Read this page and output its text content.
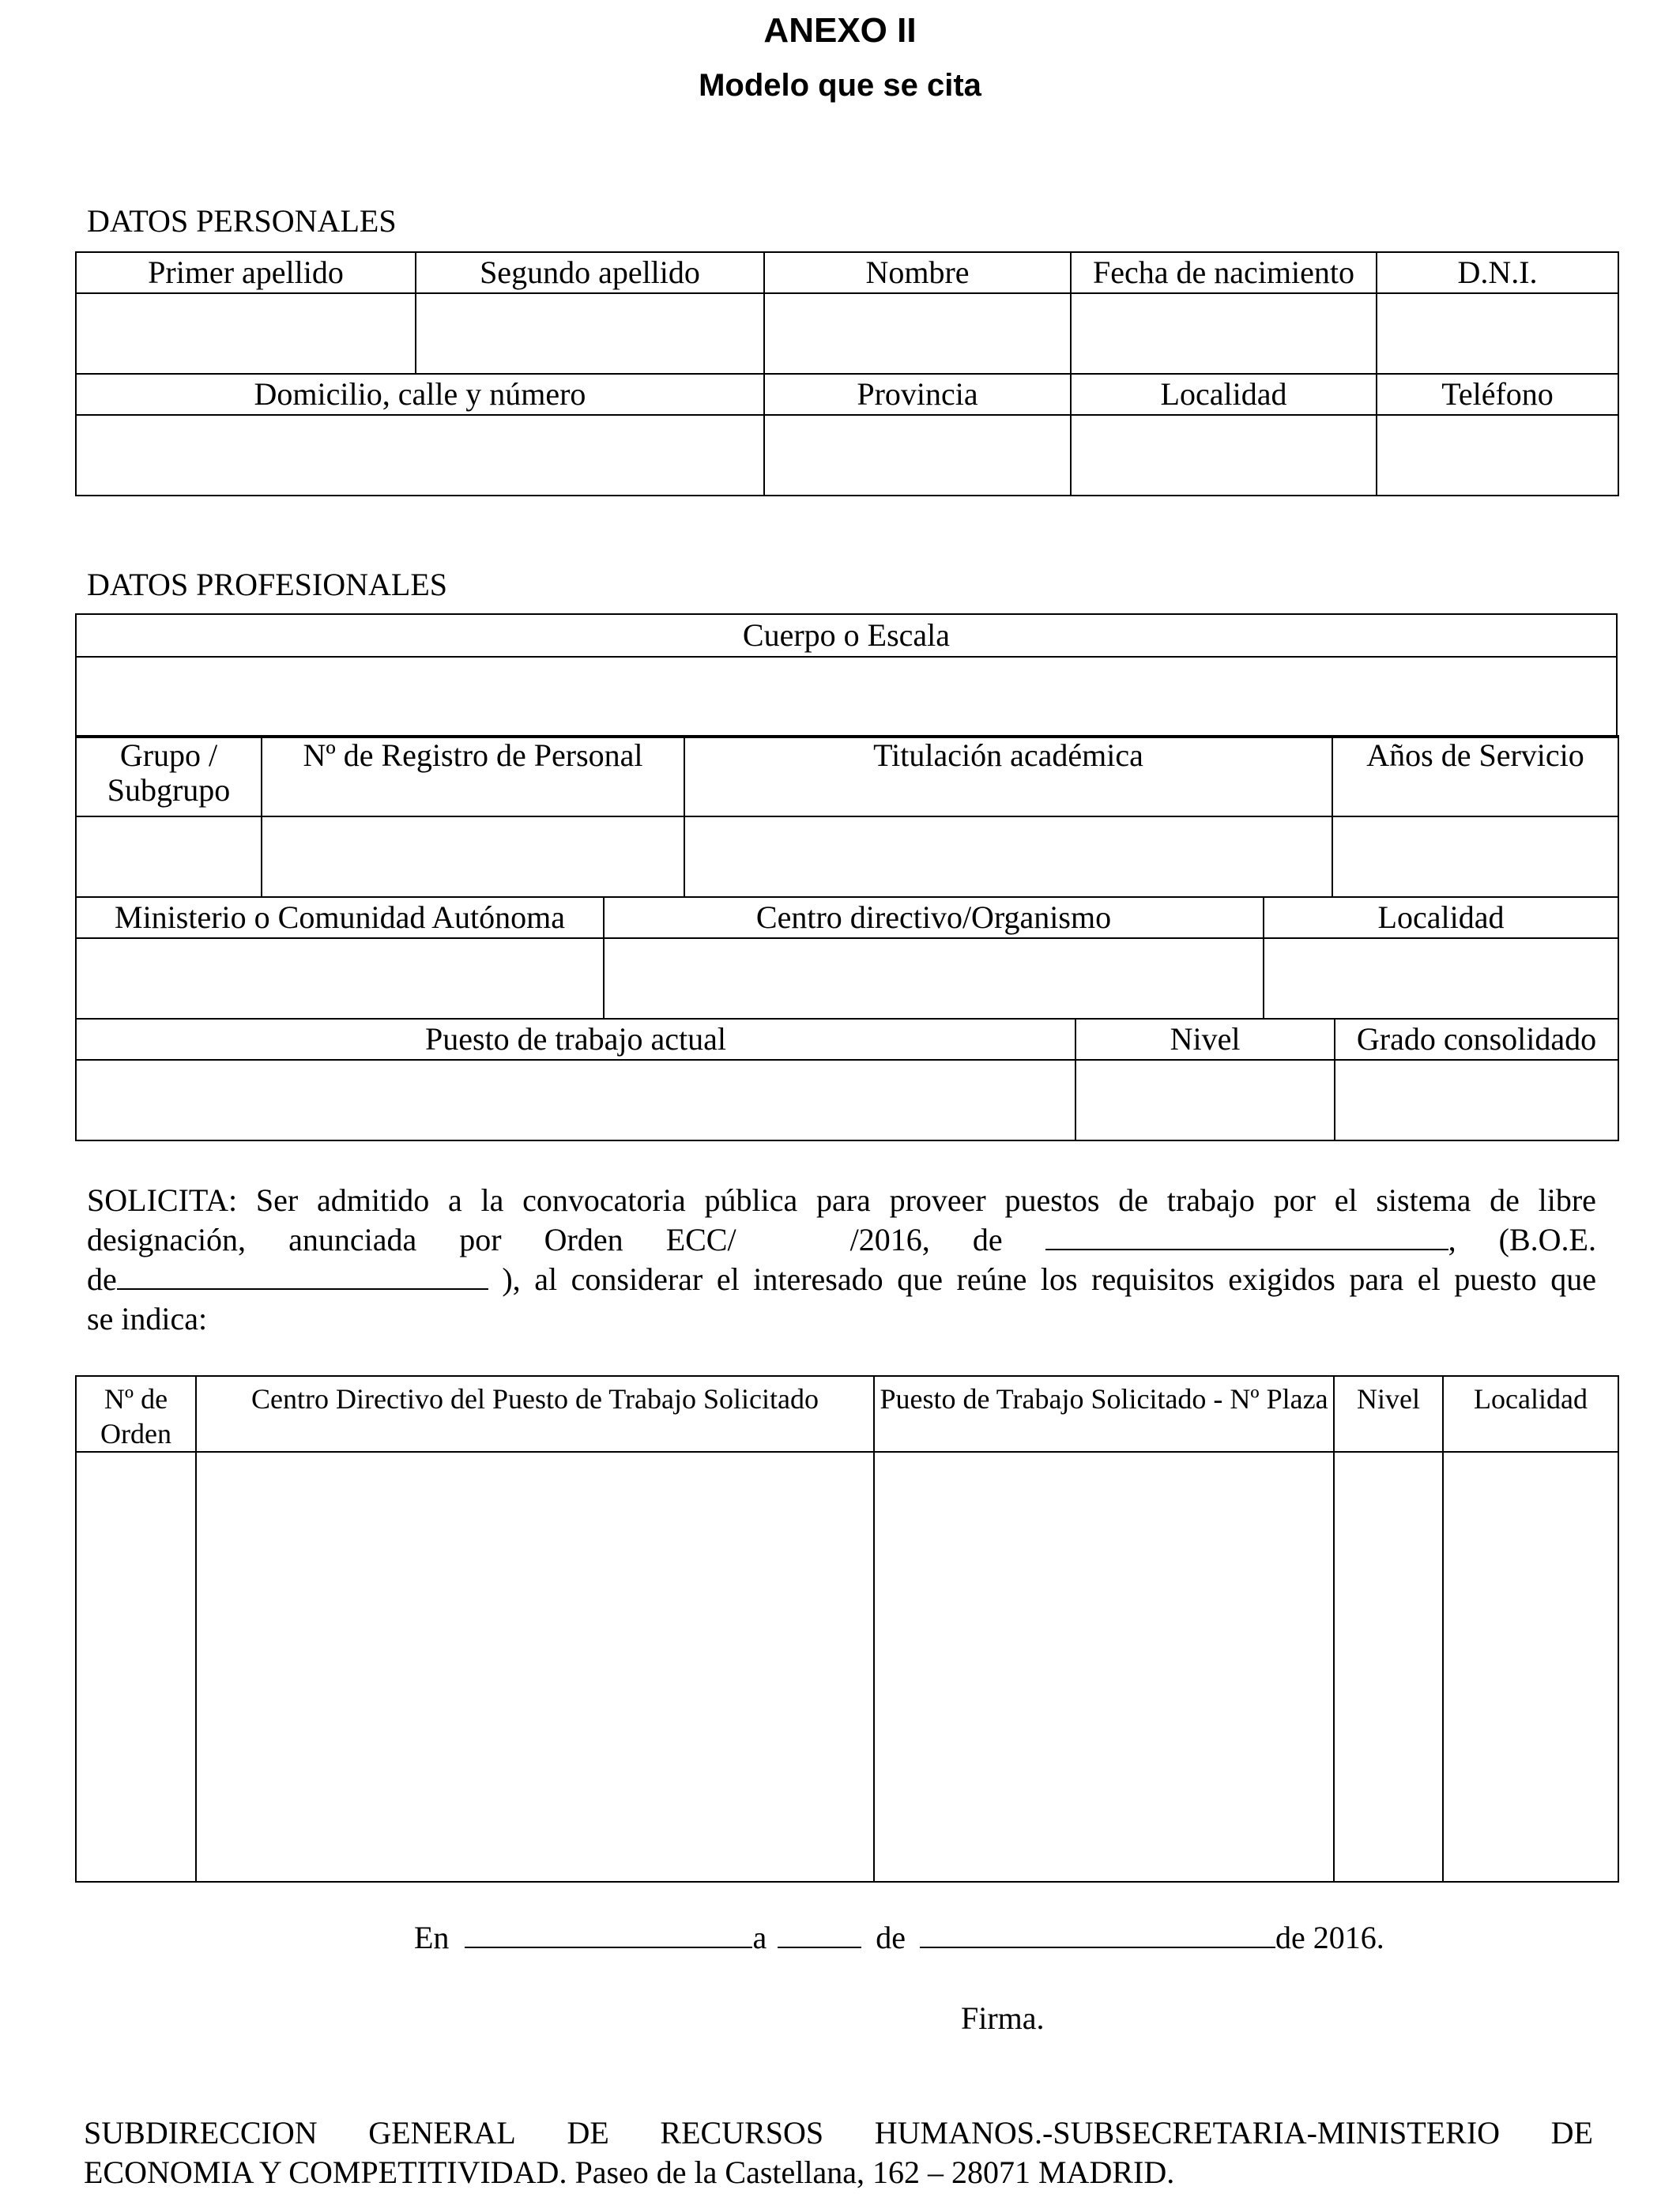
ANEXO II
Modelo que se cita
DATOS PERSONALES
Primer apellido	Segundo apellido	Nombre	Fecha de nacimiento	D.N.I.

Domicilio, calle y número		Provincia	Localidad	Teléfono

DATOS PROFESIONALES
Cuerpo o Escala

Grupo / Subgrupo	Nº de Registro de Personal	Titulación académica	Años de Servicio

Ministerio o Comunidad Autónoma	Centro directivo/Organismo	Localidad

Puesto de trabajo actual	Nivel	Grado consolidado

SOLICITA: Ser admitido a la convocatoria pública para proveer puestos de trabajo por el sistema de libre
designación, anunciada por Orden ECC/	/2016, de	, (B.O.E.
de	), al considerar el interesado que reúne los requisitos exigidos para el puesto que
se indica:
Nº de Orden	Centro Directivo del Puesto de Trabajo Solicitado	Puesto de Trabajo Solicitado - Nº Plaza	Nivel	Localidad

En	a	de	de 2016.
Firma.
SUBDIRECCION GENERAL DE RECURSOS HUMANOS.-SUBSECRETARIA-MINISTERIO DE
ECONOMIA Y COMPETITIVIDAD. Paseo de la Castellana, 162 – 28071 MADRID.
